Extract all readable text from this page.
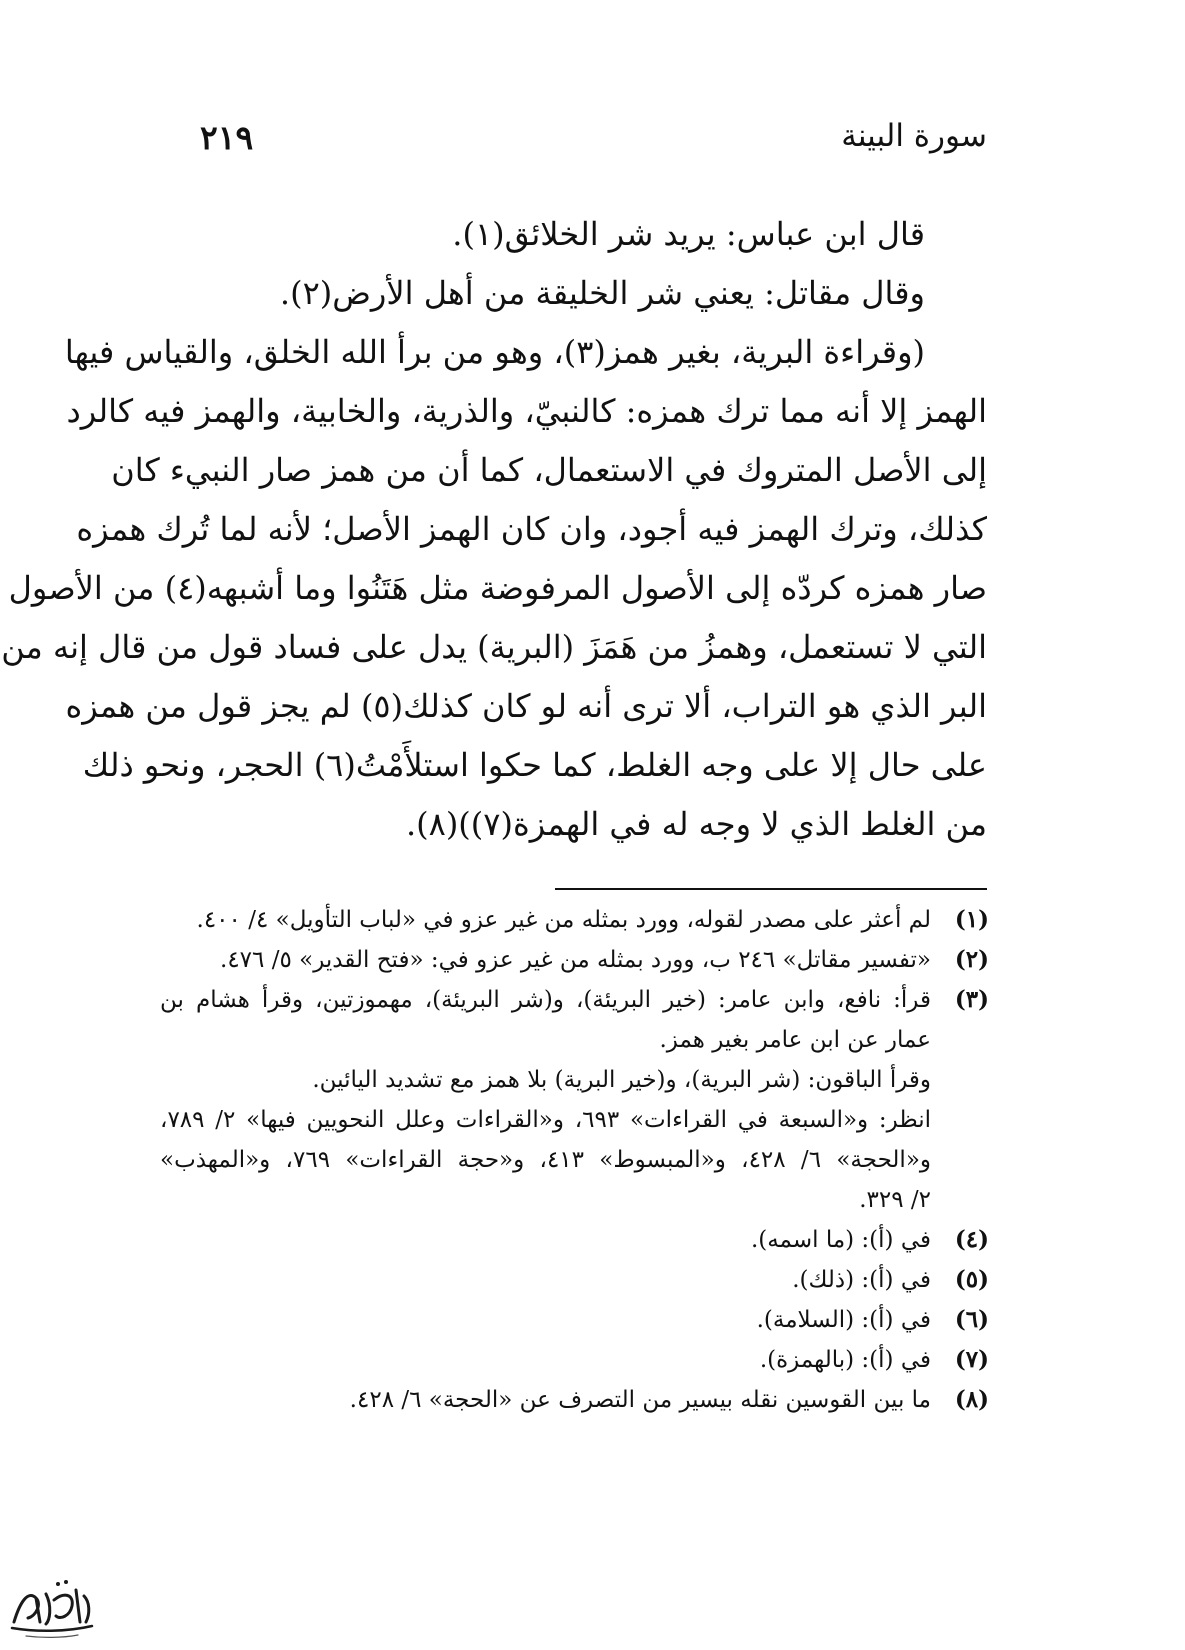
سورة البينة
٢١٩
قال ابن عباس: يريد شر الخلائق(١).
وقال مقاتل: يعني شر الخليقة من أهل الأرض(٢).
(وقراءة البرية، بغير همز(٣)، وهو من برأ الله الخلق، والقياس فيها
الهمز إلا أنه مما ترك همزه: كالنبيّ، والذرية، والخابية، والهمز فيه كالرد
إلى الأصل المتروك في الاستعمال، كما أن من همز صار النبيء كان
كذلك، وترك الهمز فيه أجود، وان كان الهمز الأصل؛ لأنه لما تُرك همزه
صار همزه كردّه إلى الأصول المرفوضة مثل هَتَنُوا وما أشبهه(٤) من الأصول
التي لا تستعمل، وهمزُ من هَمَزَ (البرية) يدل على فساد قول من قال إنه من
البر الذي هو التراب، ألا ترى أنه لو كان كذلك(٥) لم يجز قول من همزه
على حال إلا على وجه الغلط، كما حكوا استلأَمْتُ(٦) الحجر، ونحو ذلك
من الغلط الذي لا وجه له في الهمزة(٧))(٨).
(١)
لم أعثر على مصدر لقوله، وورد بمثله من غير عزو في «لباب التأويل» ٤/ ٤٠٠.
(٢)
«تفسير مقاتل» ٢٤٦ ب، وورد بمثله من غير عزو في: «فتح القدير» ٥/ ٤٧٦.
(٣)
قرأ: نافع، وابن عامر: (خير البريئة)، و(شر البريئة)، مهموزتين، وقرأ هشام بن
عمار عن ابن عامر بغير همز.
وقرأ الباقون: (شر البرية)، و(خير البرية) بلا همز مع تشديد اليائين.
انظر: و«السبعة في القراءات» ٦٩٣، و«القراءات وعلل النحويين فيها» ٢/ ٧٨٩،
و«الحجة» ٦/ ٤٢٨، و«المبسوط» ٤١٣، و«حجة القراءات» ٧٦٩، و«المهذب»
٢/ ٣٢٩.
(٤)
في (أ): (ما اسمه).
(٥)
في (أ): (ذلك).
(٦)
في (أ): (السلامة).
(٧)
في (أ): (بالهمزة).
(٨)
ما بين القوسين نقله بيسير من التصرف عن «الحجة» ٦/ ٤٢٨.
